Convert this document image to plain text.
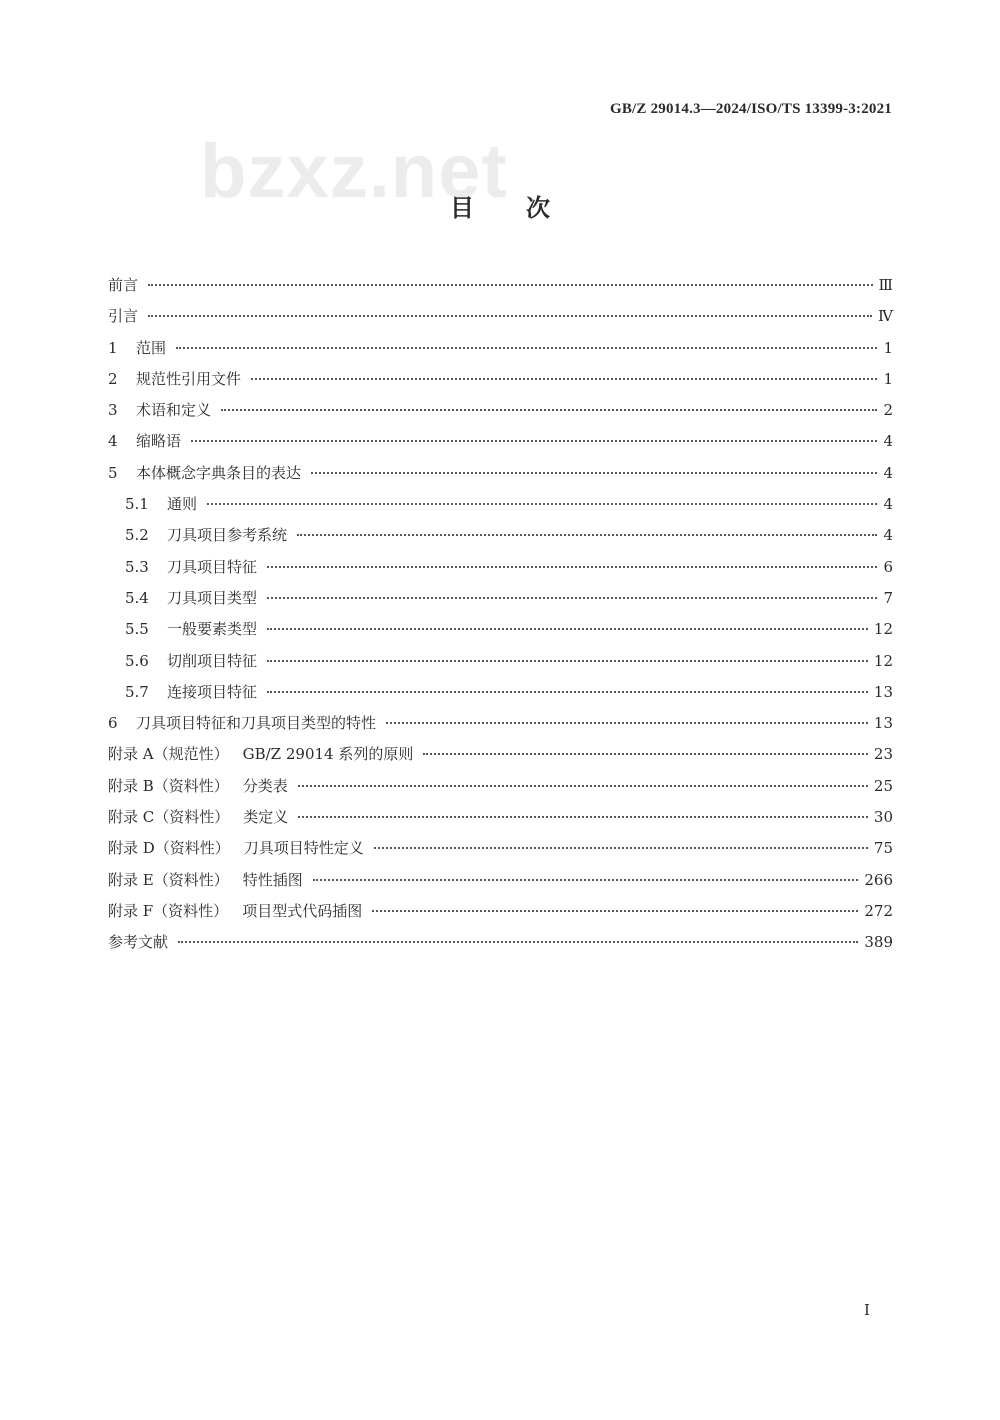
bzxz.net
GB/Z 29014.3—2024/ISO/TS 13399-3:2021
目次
前言	Ⅲ
引言	Ⅳ
1	范围	1
2	规范性引用文件	1
3	术语和定义	2
4	缩略语	4
5	本体概念字典条目的表达	4
5.1	通则	4
5.2	刀具项目参考系统	4
5.3	刀具项目特征	6
5.4	刀具项目类型	7
5.5	一般要素类型	12
5.6	切削项目特征	12
5.7	连接项目特征	13
6	刀具项目特征和刀具项目类型的特性	13
附录 A（规范性） GB/Z 29014 系列的原则	23
附录 B（资料性） 分类表	25
附录 C（资料性） 类定义	30
附录 D（资料性） 刀具项目特性定义	75
附录 E（资料性） 特性插图	266
附录 F（资料性） 项目型式代码插图	272
参考文献	389
I
